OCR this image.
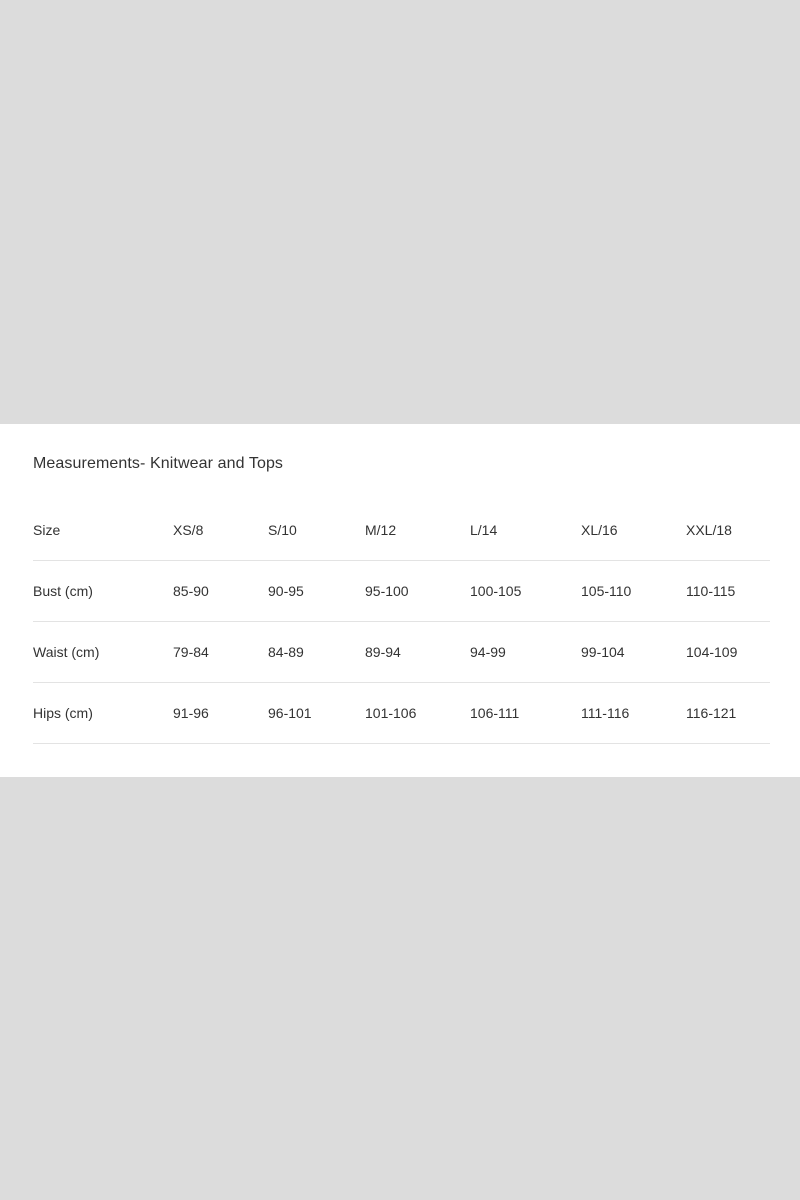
Measurements- Knitwear and Tops
Size	XS/8	S/10	M/12	L/14	XL/16	XXL/18
Bust (cm)	85-90	90-95	95-100	100-105	105-110	110-115
Waist (cm)	79-84	84-89	89-94	94-99	99-104	104-109
Hips (cm)	91-96	96-101	101-106	106-111	111-116	116-121
